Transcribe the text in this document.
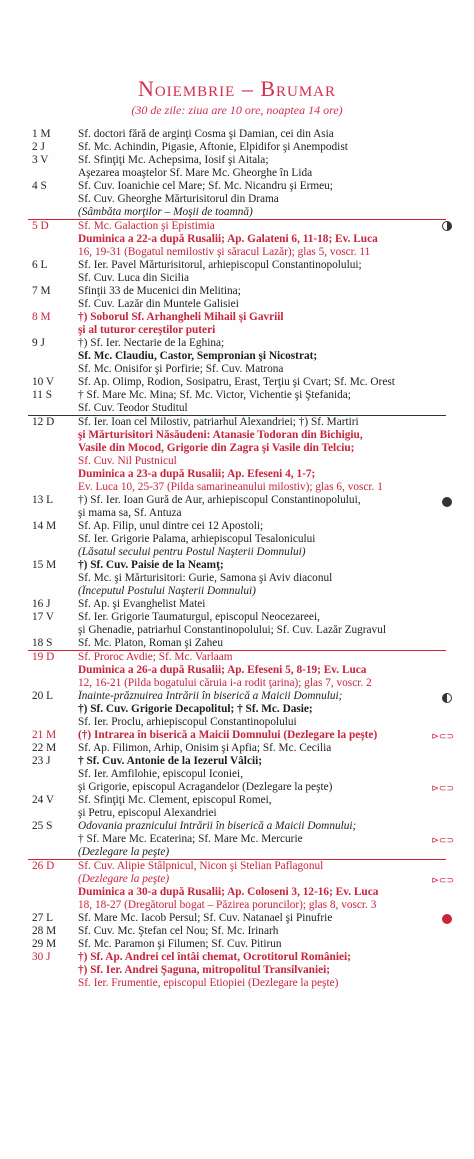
Noiembrie – Brumar
(30 de zile: ziua are 10 ore, noaptea 14 ore)
1 M	Sf. doctori fără de arginţi Cosma şi Damian, cei din Asia
2 J	Sf. Mc. Achindin, Pigasie, Aftonie, Elpidifor şi Anempodist
3 V	Sf. Sfinţiţi Mc. Achepsima, Iosif şi Aitala;
Aşezarea moaştelor Sf. Mare Mc. Gheorghe în Lida
4 S	Sf. Cuv. Ioanichie cel Mare; Sf. Mc. Nicandru şi Ermeu;
Sf. Cuv. Gheorghe Mărturisitorul din Drama
(Sâmbăta morţilor – Moşii de toamnă)
5 D	Sf. Mc. Galaction şi Epistimia
Duminica a 22-a după Rusalii; Ap. Galateni 6, 11-18; Ev. Luca
16, 19-31 (Bogatul nemilostiv şi săracul Lazăr); glas 5, voscr. 11
6 L	Sf. Ier. Pavel Mărturisitorul, arhiepiscopul Constantinopolului;
Sf. Cuv. Luca din Sicilia
7 M	Sfinţii 33 de Mucenici din Melitina;
Sf. Cuv. Lazăr din Muntele Galisiei
8 M	†) Soborul Sf. Arhangheli Mihail şi Gavriil
şi al tuturor cereştilor puteri
9 J	†) Sf. Ier. Nectarie de la Eghina;
Sf. Mc. Claudiu, Castor, Sempronian şi Nicostrat;
Sf. Mc. Onisifor şi Porfirie; Sf. Cuv. Matrona
10 V	Sf. Ap. Olimp, Rodion, Sosipatru, Erast, Terţiu şi Cvart; Sf. Mc. Orest
11 S	† Sf. Mare Mc. Mina; Sf. Mc. Victor, Vichentie şi Ştefanida;
Sf. Cuv. Teodor Studitul
12 D	Sf. Ier. Ioan cel Milostiv, patriarhul Alexandriei; †) Sf. Martiri
şi Mărturisitori Năsăudeni: Atanasie Todoran din Bichigiu,
Vasile din Mocod, Grigorie din Zagra şi Vasile din Telciu;
Sf. Cuv. Nil Pustnicul
Duminica a 23-a după Rusalii; Ap. Efeseni 4, 1-7;
Ev. Luca 10, 25-37 (Pilda samarineanului milostiv); glas 6, voscr. 1
13 L	†) Sf. Ier. Ioan Gură de Aur, arhiepiscopul Constantinopolului,
şi mama sa, Sf. Antuza
14 M	Sf. Ap. Filip, unul dintre cei 12 Apostoli;
Sf. Ier. Grigorie Palama, arhiepiscopul Tesalonicului
(Lăsatul secului pentru Postul Naşterii Domnului)
15 M	†) Sf. Cuv. Paisie de la Neamţ;
Sf. Mc. şi Mărturisitori: Gurie, Samona şi Aviv diaconul
(Începutul Postului Naşterii Domnului)
16 J	Sf. Ap. şi Evanghelist Matei
17 V	Sf. Ier. Grigorie Taumaturgul, episcopul Neocezareei,
şi Ghenadie, patriarhul Constantinopolului; Sf. Cuv. Lazăr Zugravul
18 S	Sf. Mc. Platon, Roman şi Zaheu
19 D	Sf. Proroc Avdie; Sf. Mc. Varlaam
Duminica a 26-a după Rusalii; Ap. Efeseni 5, 8-19; Ev. Luca
12, 16-21 (Pilda bogatului căruia i-a rodit ţarina); glas 7, voscr. 2
20 L	Înainte-prăznuirea Intrării în biserică a Maicii Domnului;
†) Sf. Cuv. Grigorie Decapolitul; † Sf. Mc. Dasie;
Sf. Ier. Proclu, arhiepiscopul Constantinopolului
21 M	(†) Intrarea în biserică a Maicii Domnului (Dezlegare la peşte)	⊳⊂⊃
22 M	Sf. Ap. Filimon, Arhip, Onisim şi Apfia; Sf. Mc. Cecilia
23 J	† Sf. Cuv. Antonie de la Iezerul Vâlcii;
Sf. Ier. Amfilohie, episcopul Iconiei,
şi Grigorie, episcopul Acragandelor (Dezlegare la peşte)	⊳⊂⊃
24 V	Sf. Sfinţiţi Mc. Clement, episcopul Romei,
şi Petru, episcopul Alexandriei
25 S	Odovania praznicului Intrării în biserică a Maicii Domnului;
† Sf. Mare Mc. Ecaterina; Sf. Mare Mc. Mercurie
(Dezlegare la peşte)
⊳⊂⊃
26 D	Sf. Cuv. Alipie Stâlpnicul, Nicon şi Stelian Paflagonul
(Dezlegare la peşte)	⊳⊂⊃
Duminica a 30-a după Rusalii; Ap. Coloseni 3, 12-16; Ev. Luca
18, 18-27 (Dregătorul bogat – Păzirea poruncilor); glas 8, voscr. 3
27 L	Sf. Mare Mc. Iacob Persul; Sf. Cuv. Natanael şi Pinufrie
28 M	Sf. Cuv. Mc. Ştefan cel Nou; Sf. Mc. Irinarh
29 M	Sf. Mc. Paramon şi Filumen; Sf. Cuv. Pitirun
30 J	†) Sf. Ap. Andrei cel întâi chemat, Ocrotitorul României;
†) Sf. Ier. Andrei Şaguna, mitropolitul Transilvaniei;
Sf. Ier. Frumentie, episcopul Etiopiei (Dezlegare la peşte)
